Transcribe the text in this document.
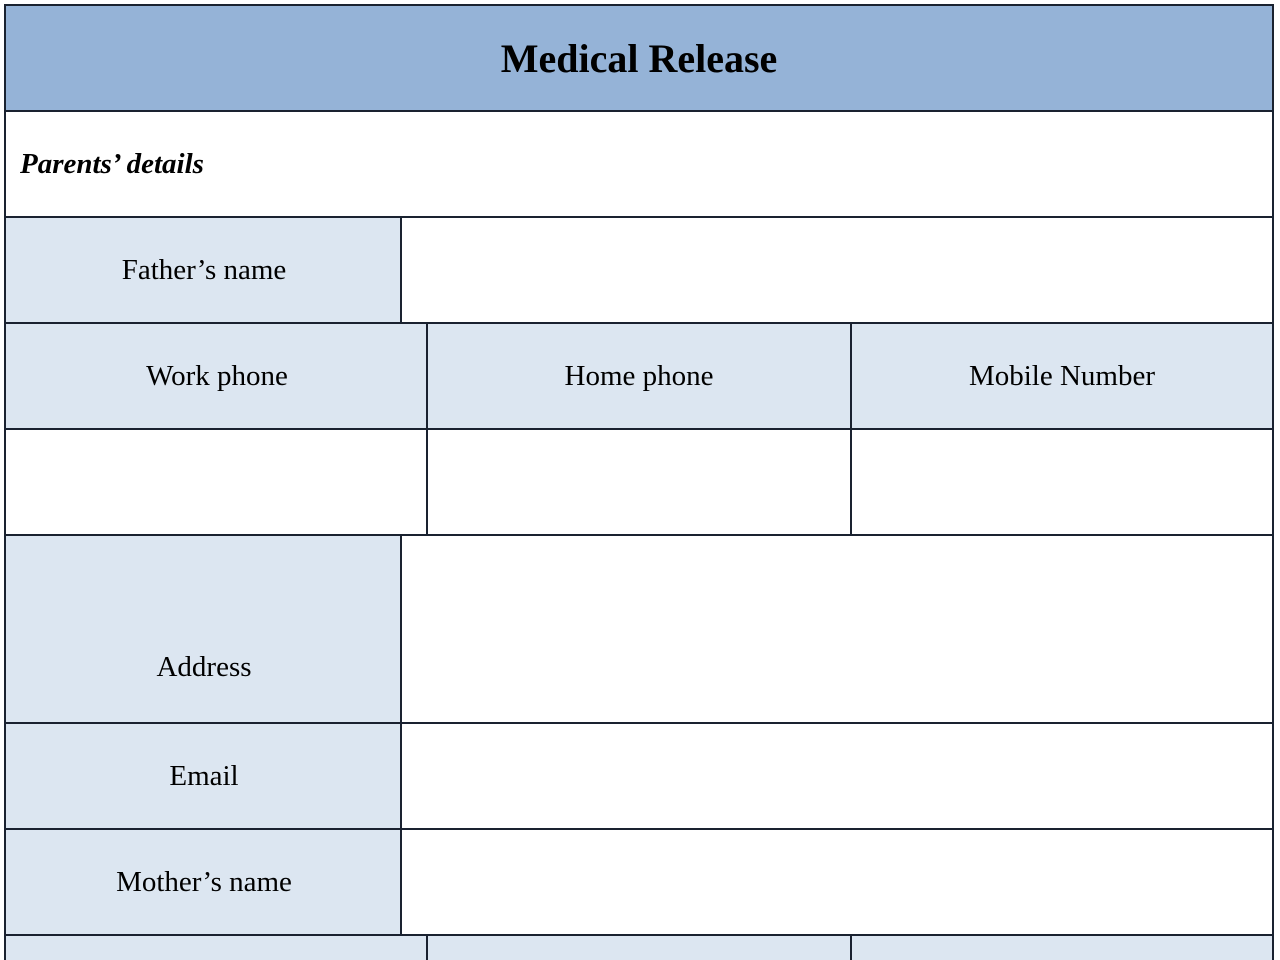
Medical Release
Parents’ details
Father’s name
Work phone	Home phone	Mobile Number
Address
Email
Mother’s name
